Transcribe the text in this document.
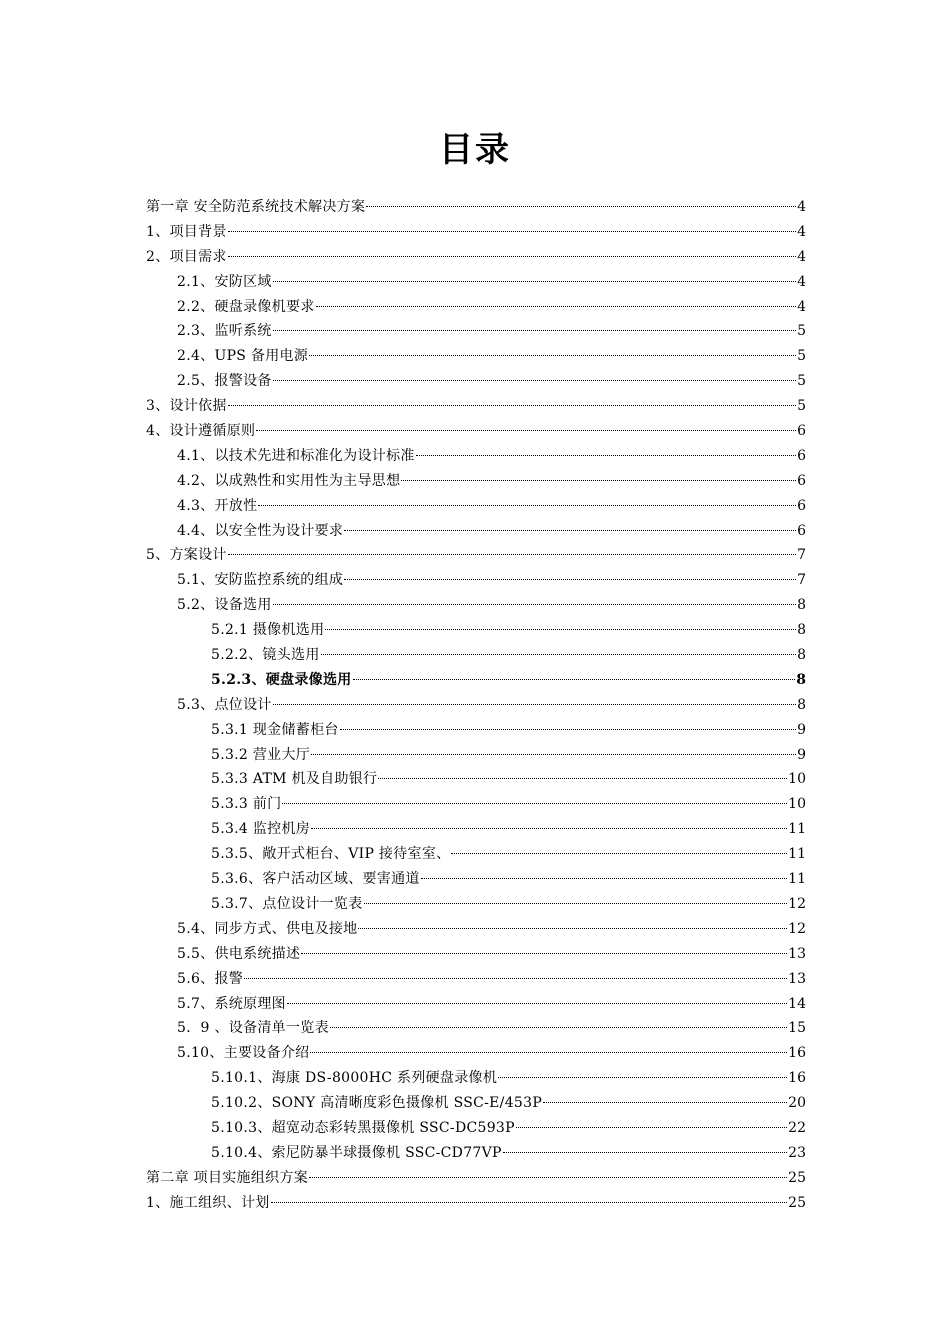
目录
第一章 安全防范系统技术解决方案	4
1、项目背景	4
2、项目需求	4
2.1、安防区域	4
2.2、硬盘录像机要求	4
2.3、监听系统	5
2.4、UPS 备用电源	5
2.5、报警设备	5
3、设计依据	5
4、设计遵循原则	6
4.1、以技术先进和标准化为设计标准	6
4.2、以成熟性和实用性为主导思想	6
4.3、开放性	6
4.4、以安全性为设计要求	6
5、方案设计	7
5.1、安防监控系统的组成	7
5.2、设备选用	8
5.2.1 摄像机选用	8
5.2.2、镜头选用	8
5.2.3、硬盘录像选用	8
5.3、点位设计	8
5.3.1 现金储蓄柜台	9
5.3.2 营业大厅	9
5.3.3 ATM 机及自助银行	10
5.3.3 前门	10
5.3.4 监控机房	11
5.3.5、敞开式柜台、VIP 接待室室、	11
5.3.6、客户活动区域、要害通道	11
5.3.7、点位设计一览表	12
5.4、同步方式、供电及接地	12
5.5、供电系统描述	13
5.6、报警	13
5.7、系统原理图	14
5．9 、设备清单一览表	15
5.10、主要设备介绍	16
5.10.1、海康 DS-8000HC 系列硬盘录像机	16
5.10.2、SONY 高清晰度彩色摄像机 SSC-E/453P	20
5.10.3、超宽动态彩转黑摄像机 SSC-DC593P	22
5.10.4、索尼防暴半球摄像机 SSC-CD77VP	23
第二章 项目实施组织方案	25
1、施工组织、计划	25
